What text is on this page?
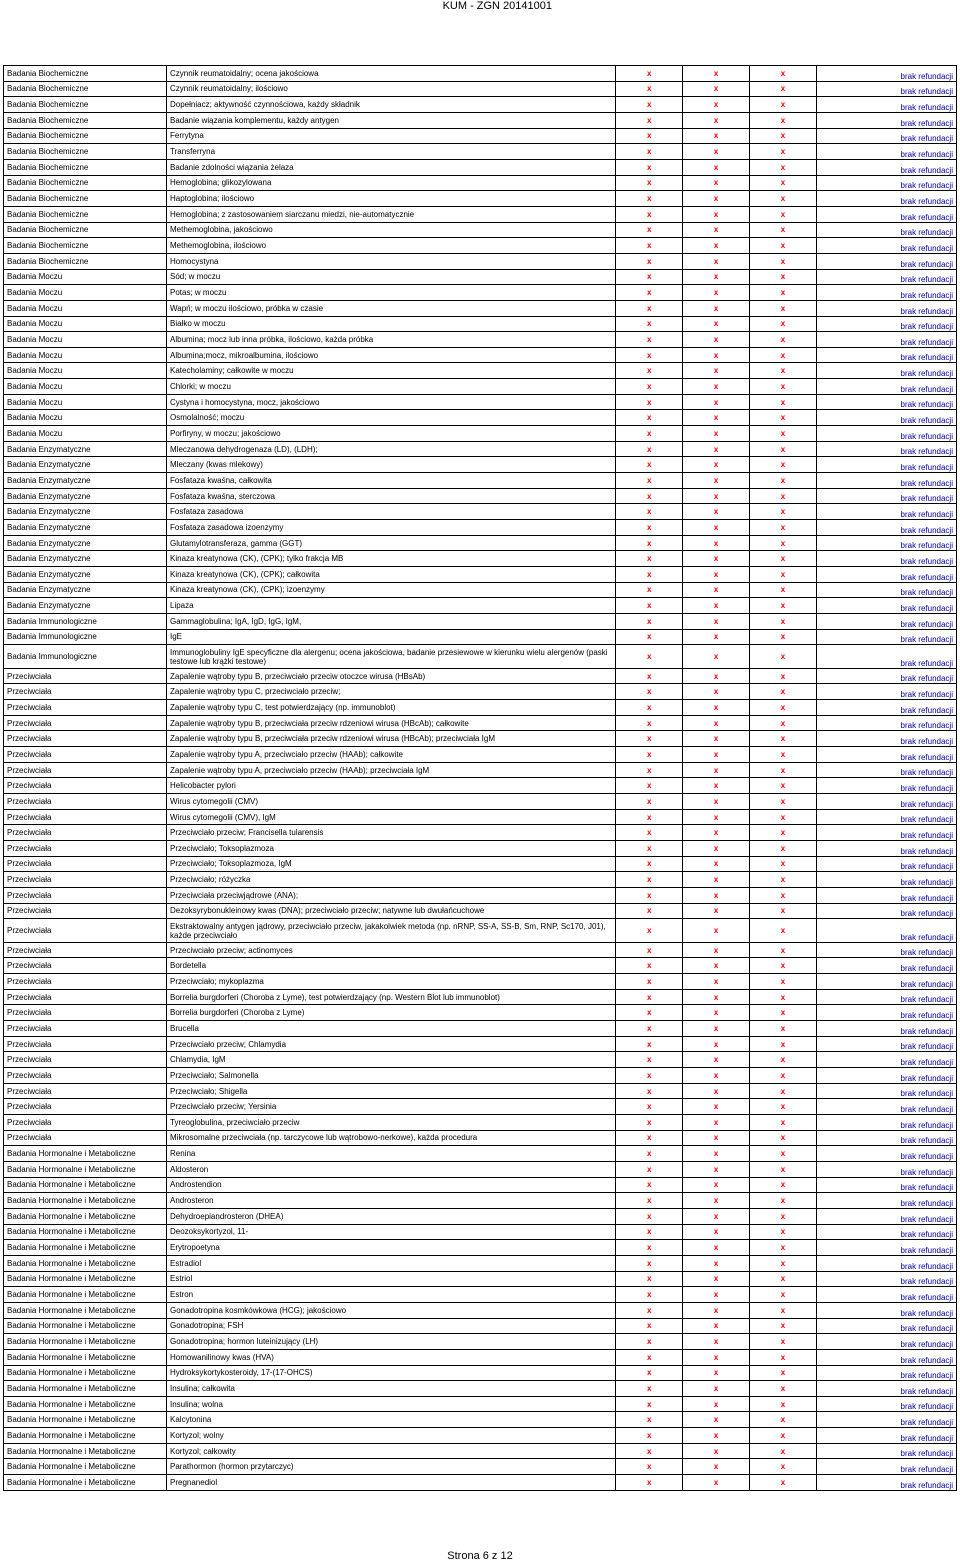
KUM - ZGN 20141001
Badania Biochemiczne	Czynnik reumatoidalny; ocena jakościowa	x	x	x	brak refundacji
Badania Biochemiczne	Czynnik reumatoidalny; ilościowo	x	x	x	brak refundacji
Badania Biochemiczne	Dopełniacz; aktywność czynnościowa, każdy składnik	x	x	x	brak refundacji
Badania Biochemiczne	Badanie wiązania komplementu, każdy antygen	x	x	x	brak refundacji
Badania Biochemiczne	Ferrytyna	x	x	x	brak refundacji
Badania Biochemiczne	Transferryna	x	x	x	brak refundacji
Badania Biochemiczne	Badanie zdolności wiązania żelaza	x	x	x	brak refundacji
Badania Biochemiczne	Hemoglobina; glikozylowana	x	x	x	brak refundacji
Badania Biochemiczne	Haptoglobina; ilościowo	x	x	x	brak refundacji
Badania Biochemiczne	Hemoglobina; z zastosowaniem siarczanu miedzi, nie-automatycznie	x	x	x	brak refundacji
Badania Biochemiczne	Methemoglobina, jakościowo	x	x	x	brak refundacji
Badania Biochemiczne	Methemoglobina, ilościowo	x	x	x	brak refundacji
Badania Biochemiczne	Homocystyna	x	x	x	brak refundacji
Badania Moczu	Sód; w moczu	x	x	x	brak refundacji
Badania Moczu	Potas; w moczu	x	x	x	brak refundacji
Badania Moczu	Wapń; w moczu ilościowo, próbka w czasie	x	x	x	brak refundacji
Badania Moczu	Białko w moczu	x	x	x	brak refundacji
Badania Moczu	Albumina; mocz lub inna próbka, ilościowo, każda próbka	x	x	x	brak refundacji
Badania Moczu	Albumina;mocz, mikroalbumina, ilościowo	x	x	x	brak refundacji
Badania Moczu	Katecholaminy; całkowite w moczu	x	x	x	brak refundacji
Badania Moczu	Chlorki; w moczu	x	x	x	brak refundacji
Badania Moczu	Cystyna i homocystyna, mocz, jakościowo	x	x	x	brak refundacji
Badania Moczu	Osmolalność; moczu	x	x	x	brak refundacji
Badania Moczu	Porfiryny, w moczu; jakościowo	x	x	x	brak refundacji
Badania Enzymatyczne	Mleczanowa dehydrogenaza (LD), (LDH);	x	x	x	brak refundacji
Badania Enzymatyczne	Mleczany (kwas mlekowy)	x	x	x	brak refundacji
Badania Enzymatyczne	Fosfataza kwaśna, całkowita	x	x	x	brak refundacji
Badania Enzymatyczne	Fosfataza kwaśna, sterczowa	x	x	x	brak refundacji
Badania Enzymatyczne	Fosfataza zasadowa	x	x	x	brak refundacji
Badania Enzymatyczne	Fosfataza zasadowa izoenzymy	x	x	x	brak refundacji
Badania Enzymatyczne	Glutamylotransferaza, gamma (GGT)	x	x	x	brak refundacji
Badania Enzymatyczne	Kinaza kreatynowa (CK), (CPK); tylko frakcja MB	x	x	x	brak refundacji
Badania Enzymatyczne	Kinaza kreatynowa (CK), (CPK); całkowita	x	x	x	brak refundacji
Badania Enzymatyczne	Kinaza kreatynowa (CK), (CPK); izoenzymy	x	x	x	brak refundacji
Badania Enzymatyczne	Lipaza	x	x	x	brak refundacji
Badania Immunologiczne	Gammaglobulina; IgA, IgD, IgG, IgM,	x	x	x	brak refundacji
Badania Immunologiczne	IgE	x	x	x	brak refundacji
Badania Immunologiczne	Immunoglobuliny IgE specyficzne dla alergenu; ocena jakościowa, badanie przesiewowe w kierunku wielu alergenów (paski testowe lub krążki testowe)	x	x	x	brak refundacji
Przeciwciała	Zapalenie wątroby typu B, przeciwciało przeciw otoczce wirusa (HBsAb)	x	x	x	brak refundacji
Przeciwciała	Zapalenie wątroby typu C, przeciwciało przeciw;	x	x	x	brak refundacji
Przeciwciała	Zapalenie wątroby typu C, test potwierdzający (np. immunoblot)	x	x	x	brak refundacji
Przeciwciała	Zapalenie wątroby typu B, przeciwciała przeciw rdzeniowi wirusa (HBcAb); całkowite	x	x	x	brak refundacji
Przeciwciała	Zapalenie wątroby typu B, przeciwciała przeciw rdzeniowi wirusa (HBcAb); przeciwciała IgM	x	x	x	brak refundacji
Przeciwciała	Zapalenie wątroby typu A, przeciwciało przeciw (HAAb); całkowite	x	x	x	brak refundacji
Przeciwciała	Zapalenie wątroby typu A, przeciwciało przeciw (HAAb); przeciwciała IgM	x	x	x	brak refundacji
Przeciwciała	Helicobacter pylori	x	x	x	brak refundacji
Przeciwciała	Wirus cytomegolii (CMV)	x	x	x	brak refundacji
Przeciwciała	Wirus cytomegolii (CMV), IgM	x	x	x	brak refundacji
Przeciwciała	Przeciwciało przeciw; Francisella tularensis	x	x	x	brak refundacji
Przeciwciała	Przeciwciało; Toksoplazmoza	x	x	x	brak refundacji
Przeciwciała	Przeciwciało; Toksoplazmoza, IgM	x	x	x	brak refundacji
Przeciwciała	Przeciwciało; różyczka	x	x	x	brak refundacji
Przeciwciała	Przeciwciała przeciwjądrowe (ANA);	x	x	x	brak refundacji
Przeciwciała	Dezoksyrybonukleinowy kwas (DNA); przeciwciało przeciw; natywne lub dwułańcuchowe	x	x	x	brak refundacji
Przeciwciała	Ekstraktowalny antygen jądrowy, przeciwciało przeciw, jakakolwiek metoda (np. nRNP, SS-A, SS-B, Sm, RNP, Sc170, J01), każde przeciwciało	x	x	x	brak refundacji
Przeciwciała	Przeciwciało przeciw; actinomyces	x	x	x	brak refundacji
Przeciwciała	Bordetella	x	x	x	brak refundacji
Przeciwciała	Przeciwciało; mykoplazma	x	x	x	brak refundacji
Przeciwciała	Borrelia burgdorferi (Choroba z Lyme), test potwierdzający (np. Western Blot lub immunoblot)	x	x	x	brak refundacji
Przeciwciała	Borrelia burgdorferi (Choroba z Lyme)	x	x	x	brak refundacji
Przeciwciała	Brucella	x	x	x	brak refundacji
Przeciwciała	Przeciwciało przeciw; Chlamydia	x	x	x	brak refundacji
Przeciwciała	Chlamydia, IgM	x	x	x	brak refundacji
Przeciwciała	Przeciwciało; Salmonella	x	x	x	brak refundacji
Przeciwciała	Przeciwciało; Shigella	x	x	x	brak refundacji
Przeciwciała	Przeciwciało przeciw; Yersinia	x	x	x	brak refundacji
Przeciwciała	Tyreoglobulina, przeciwciało przeciw	x	x	x	brak refundacji
Przeciwciała	Mikrosomalne przeciwciała (np. tarczycowe lub wątrobowo-nerkowe), każda procedura	x	x	x	brak refundacji
Badania Hormonalne i Metaboliczne	Renina	x	x	x	brak refundacji
Badania Hormonalne i Metaboliczne	Aldosteron	x	x	x	brak refundacji
Badania Hormonalne i Metaboliczne	Androstendion	x	x	x	brak refundacji
Badania Hormonalne i Metaboliczne	Androsteron	x	x	x	brak refundacji
Badania Hormonalne i Metaboliczne	Dehydroepiandrosteron (DHEA)	x	x	x	brak refundacji
Badania Hormonalne i Metaboliczne	Deozoksykortyzol, 11-	x	x	x	brak refundacji
Badania Hormonalne i Metaboliczne	Erytropoetyna	x	x	x	brak refundacji
Badania Hormonalne i Metaboliczne	Estradiol	x	x	x	brak refundacji
Badania Hormonalne i Metaboliczne	Estriol	x	x	x	brak refundacji
Badania Hormonalne i Metaboliczne	Estron	x	x	x	brak refundacji
Badania Hormonalne i Metaboliczne	Gonadotropina kosmkówkowa (HCG); jakościowo	x	x	x	brak refundacji
Badania Hormonalne i Metaboliczne	Gonadotropina; FSH	x	x	x	brak refundacji
Badania Hormonalne i Metaboliczne	Gonadotropina; hormon luteinizujący (LH)	x	x	x	brak refundacji
Badania Hormonalne i Metaboliczne	Homowanilinowy kwas (HVA)	x	x	x	brak refundacji
Badania Hormonalne i Metaboliczne	Hydroksykortykosteroidy, 17-(17-OHCS)	x	x	x	brak refundacji
Badania Hormonalne i Metaboliczne	Insulina; całkowita	x	x	x	brak refundacji
Badania Hormonalne i Metaboliczne	Insulina; wolna	x	x	x	brak refundacji
Badania Hormonalne i Metaboliczne	Kalcytonina	x	x	x	brak refundacji
Badania Hormonalne i Metaboliczne	Kortyzol; wolny	x	x	x	brak refundacji
Badania Hormonalne i Metaboliczne	Kortyzol; całkowity	x	x	x	brak refundacji
Badania Hormonalne i Metaboliczne	Parathormon (hormon przytarczyc)	x	x	x	brak refundacji
Badania Hormonalne i Metaboliczne	Pregnanediol	x	x	x	brak refundacji
Strona 6 z 12
